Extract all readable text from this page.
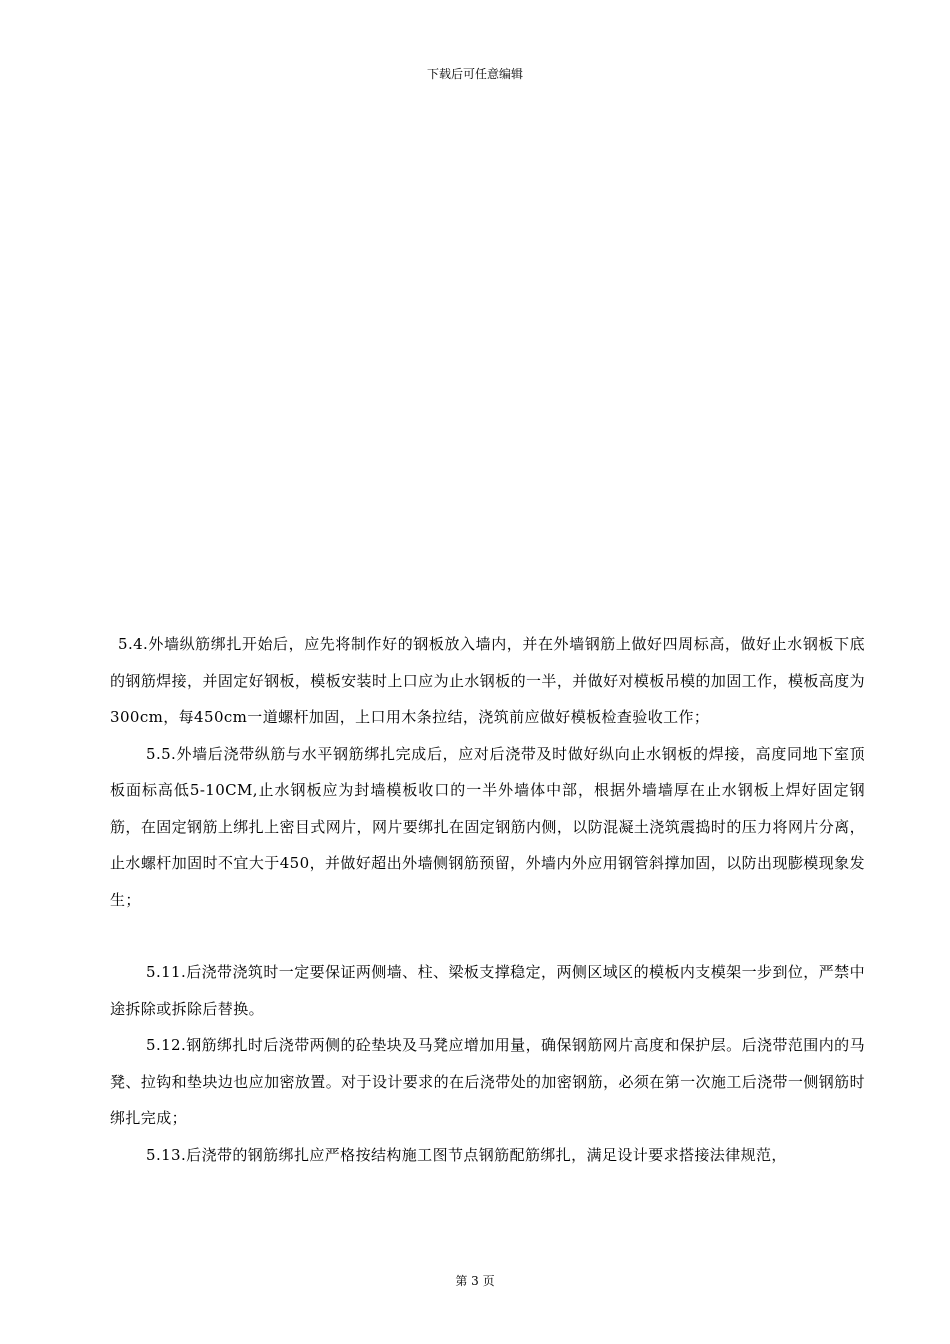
下载后可任意编辑

5.4.外墙纵筋绑扎开始后，应先将制作好的钢板放入墙内，并在外墙钢筋上做好四周标高，做好止水钢板下底的钢筋焊接，并固定好钢板，模板安装时上口应为止水钢板的一半，并做好对模板吊模的加固工作，模板高度为300cm，每450cm一道螺杆加固，上口用木条拉结，浇筑前应做好模板检查验收工作；

5.5.外墙后浇带纵筋与水平钢筋绑扎完成后，应对后浇带及时做好纵向止水钢板的焊接，高度同地下室顶板面标高低5-10CM,止水钢板应为封墙模板收口的一半外墙体中部，根据外墙墙厚在止水钢板上焊好固定钢筋，在固定钢筋上绑扎上密目式网片，网片要绑扎在固定钢筋内侧，以防混凝土浇筑震捣时的压力将网片分离，止水螺杆加固时不宜大于450，并做好超出外墙侧钢筋预留，外墙内外应用钢管斜撑加固，以防出现膨模现象发生；

5.11.后浇带浇筑时一定要保证两侧墙、柱、梁板支撑稳定，两侧区域区的模板内支模架一步到位，严禁中途拆除或拆除后替换。

5.12.钢筋绑扎时后浇带两侧的砼垫块及马凳应增加用量，确保钢筋网片高度和保护层。后浇带范围内的马凳、拉钩和垫块边也应加密放置。对于设计要求的在后浇带处的加密钢筋，必须在第一次施工后浇带一侧钢筋时绑扎完成；

5.13.后浇带的钢筋绑扎应严格按结构施工图节点钢筋配筋绑扎，满足设计要求搭接法律规范，

第 3 页
